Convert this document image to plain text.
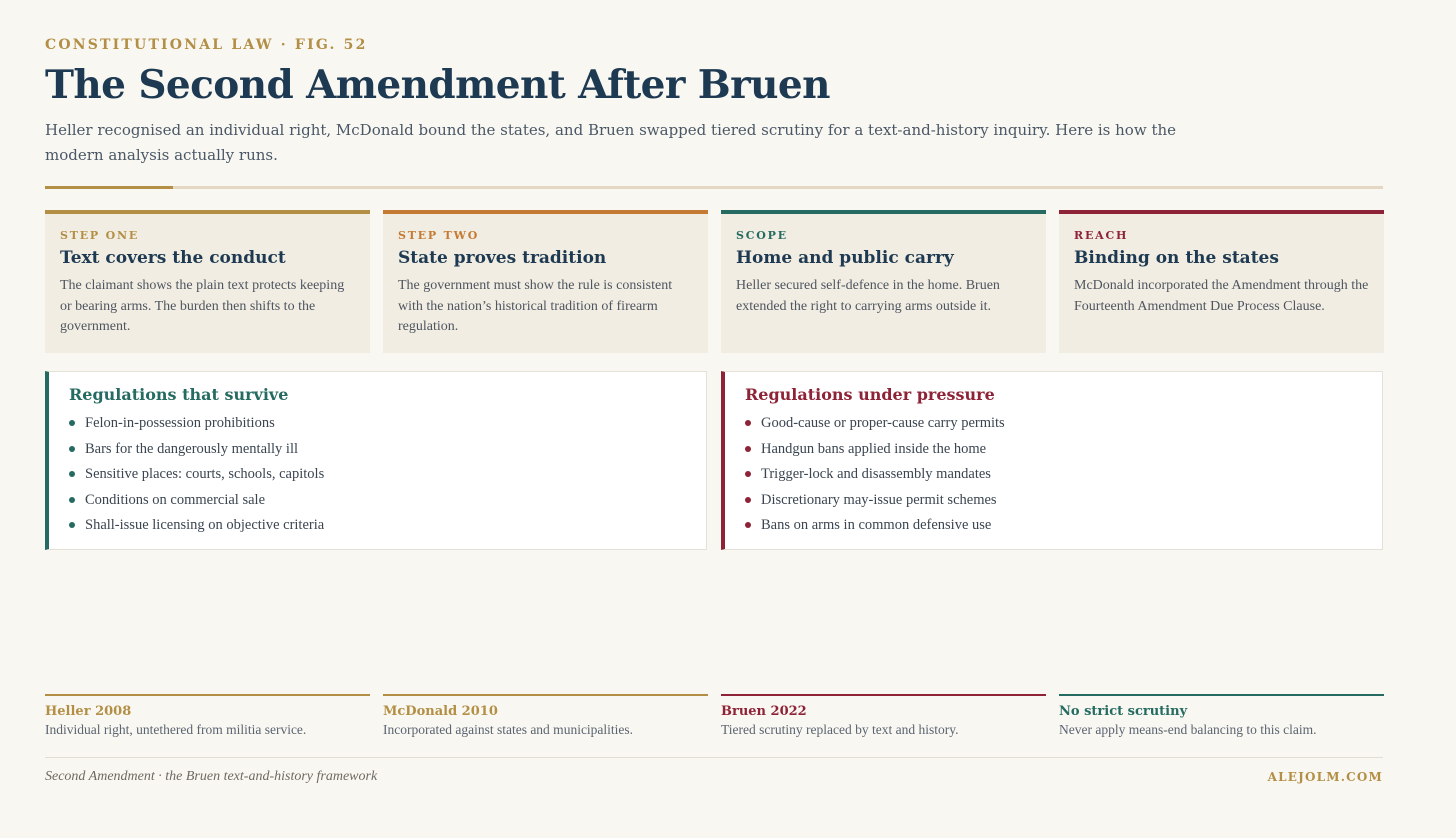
CONSTITUTIONAL LAW · FIG. 52
The Second Amendment After Bruen

Heller recognised an individual right, McDonald bound the states, and Bruen swapped tiered scrutiny for a text-and-history inquiry. Here is how the modern analysis actually runs.

STEP ONE
Text covers the conduct
The claimant shows the plain text protects keeping or bearing arms. The burden then shifts to the government.
STEP TWO
State proves tradition
The government must show the rule is consistent with the nation’s historical tradition of firearm regulation.
SCOPE
Home and public carry
Heller secured self-defence in the home. Bruen extended the right to carrying arms outside it.
REACH
Binding on the states
McDonald incorporated the Amendment through the Fourteenth Amendment Due Process Clause.
Regulations that survive
Felon-in-possession prohibitions
Bars for the dangerously mentally ill
Sensitive places: courts, schools, capitols
Conditions on commercial sale
Shall-issue licensing on objective criteria
Regulations under pressure
Good-cause or proper-cause carry permits
Handgun bans applied inside the home
Trigger-lock and disassembly mandates
Discretionary may-issue permit schemes
Bans on arms in common defensive use
Heller 2008
Individual right, untethered from militia service.
McDonald 2010
Incorporated against states and municipalities.
Bruen 2022
Tiered scrutiny replaced by text and history.
No strict scrutiny
Never apply means-end balancing to this claim.
Second Amendment · the Bruen text-and-history framework	ALEJOLM.COM
